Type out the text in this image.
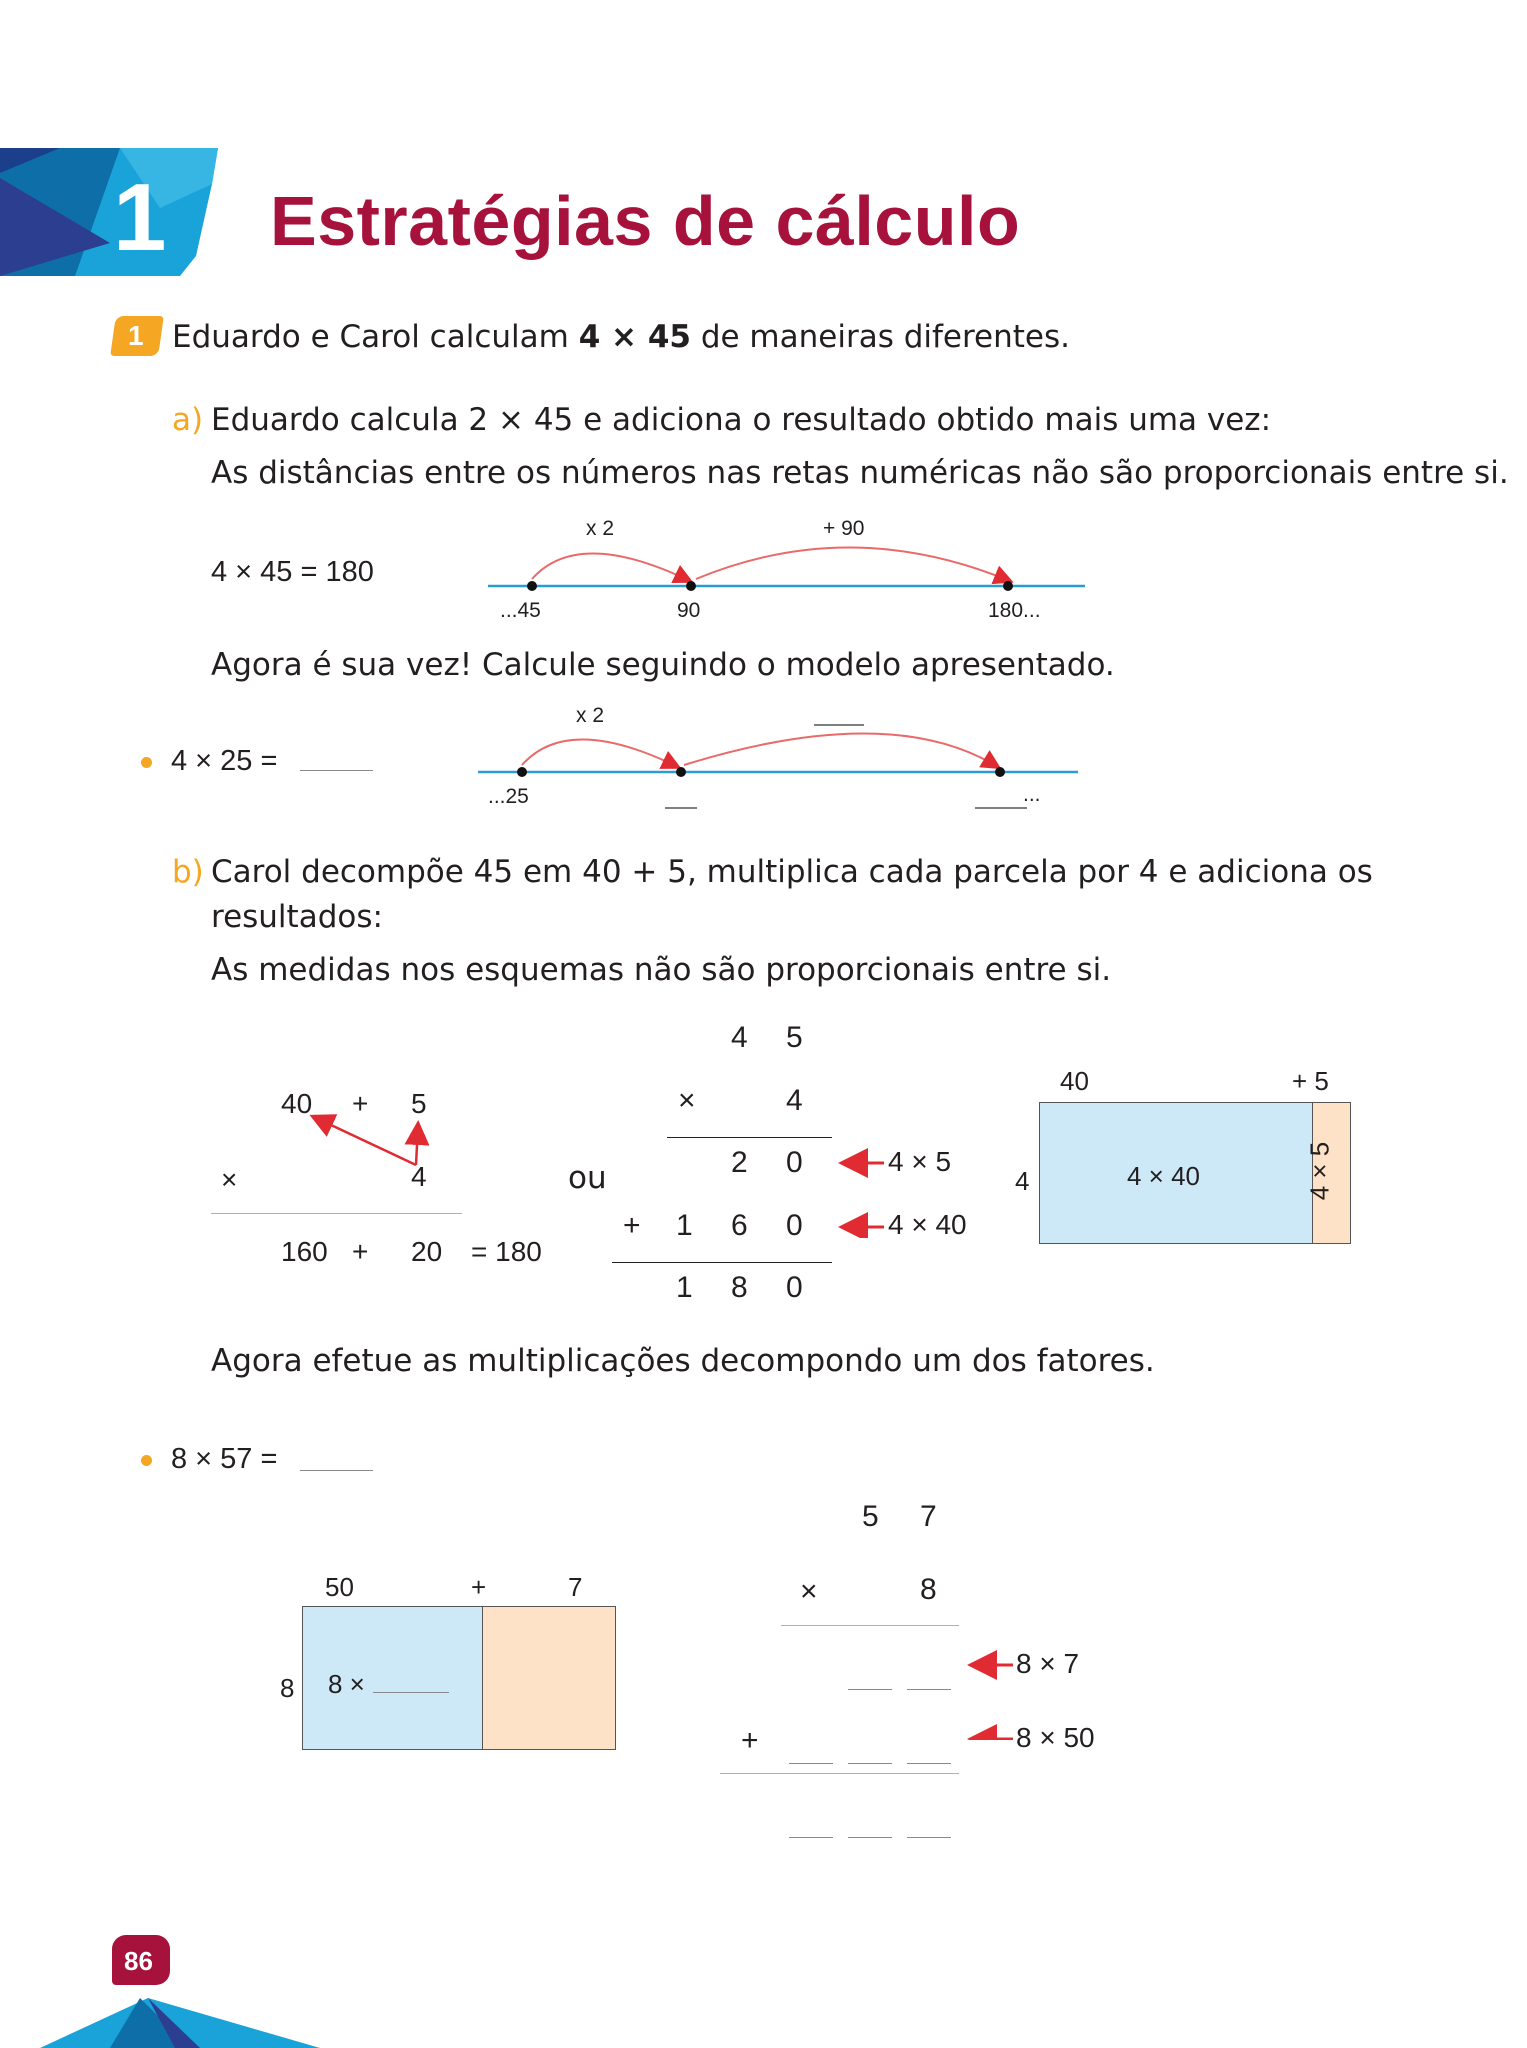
1 Estratégias de cálculo
1 Eduardo e Carol calculam 4 × 45 de maneiras diferentes.
a) Eduardo calcula 2 × 45 e adiciona o resultado obtido mais uma vez:
As distâncias entre os números nas retas numéricas não são proporcionais entre si.
4 × 45 = 180
...45	90	180...
x 2	+ 90
Agora é sua vez! Calcule seguindo o modelo apresentado.
4 × 25 =
...25
x 2
...
b) Carol decompõe 45 em 40 + 5, multiplica cada parcela por 4 e adiciona os
resultados:
As medidas nos esquemas não são proporcionais entre si.
40 + 5
×	4
160 + 20 = 180
ou
4 5
×	4
2 0
+ 1 6 0
1 8 0
4 × 5
4 × 40
40	+ 5
4	4 × 40	4 × 5
Agora efetue as multiplicações decompondo um dos fatores.
8 × 57 =
50	+	7
8 8 ×
5 7
×	8
+
8 × 7
8 × 50
86
